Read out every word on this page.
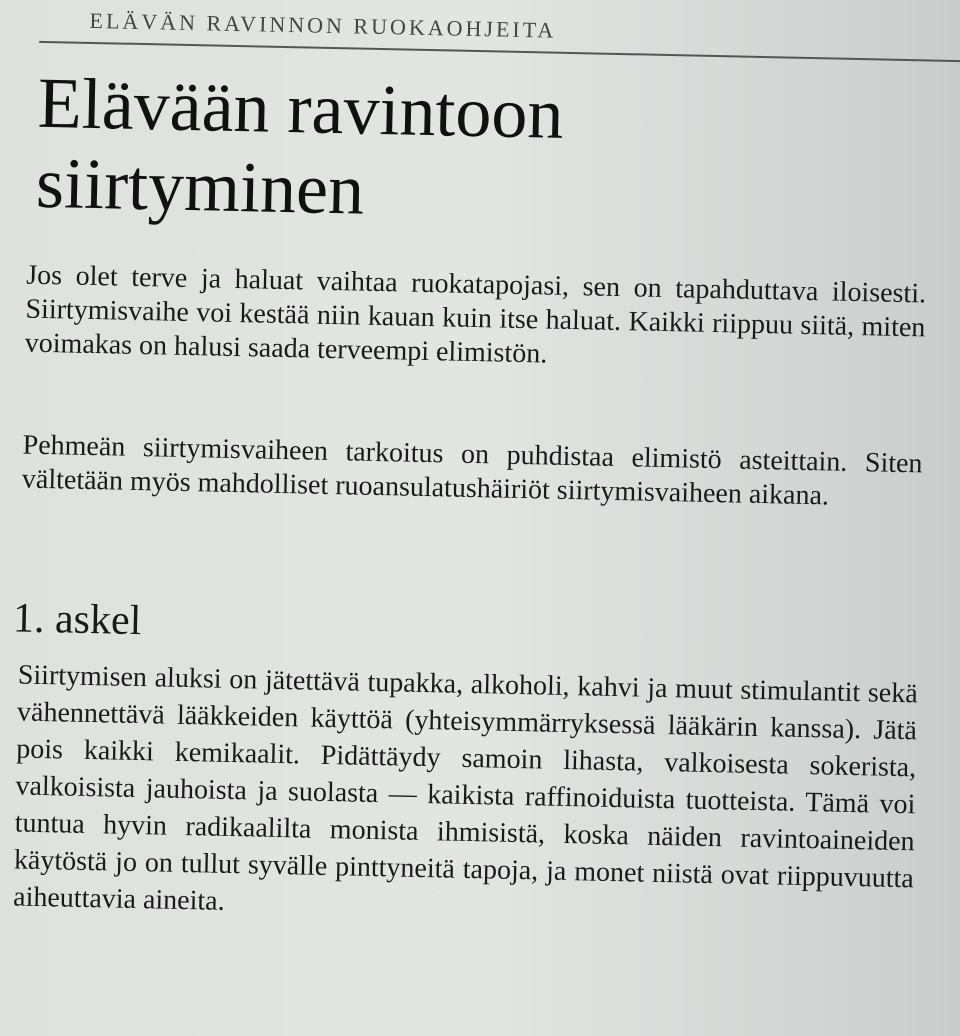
ELÄVÄN RAVINNON RUOKAOHJEITA
Elävään ravintoon
siirtyminen

Jos olet terve ja haluat vaihtaa ruokatapojasi, sen on tapahduttava iloisesti. Siirtymisvaihe voi kestää niin kauan kuin itse haluat. Kaikki riippuu siitä, miten voimakas on halusi saada terveempi elimistön.

Pehmeän siirtymisvaiheen tarkoitus on puhdistaa elimistö asteittain. Siten vältetään myös mahdolliset ruoansulatushäiriöt siirtymisvaiheen aikana.

1. askel

Siirtymisen aluksi on jätettävä tupakka, alkoholi, kahvi ja muut stimulantit sekä vähennettävä lääkkeiden käyttöä (yhteisymmärryksessä lääkärin kanssa). Jätä pois kaikki kemikaalit. Pidättäydy samoin lihasta, valkoisesta sokerista, valkoisista jauhoista ja suolasta — kaikista raffinoiduista tuotteista. Tämä voi tuntua hyvin radikaalilta monista ihmisistä, koska näiden ravintoaineiden käytöstä jo on tullut syvälle pinttyneitä tapoja, ja monet niistä ovat riippuvuutta aiheuttavia aineita.
